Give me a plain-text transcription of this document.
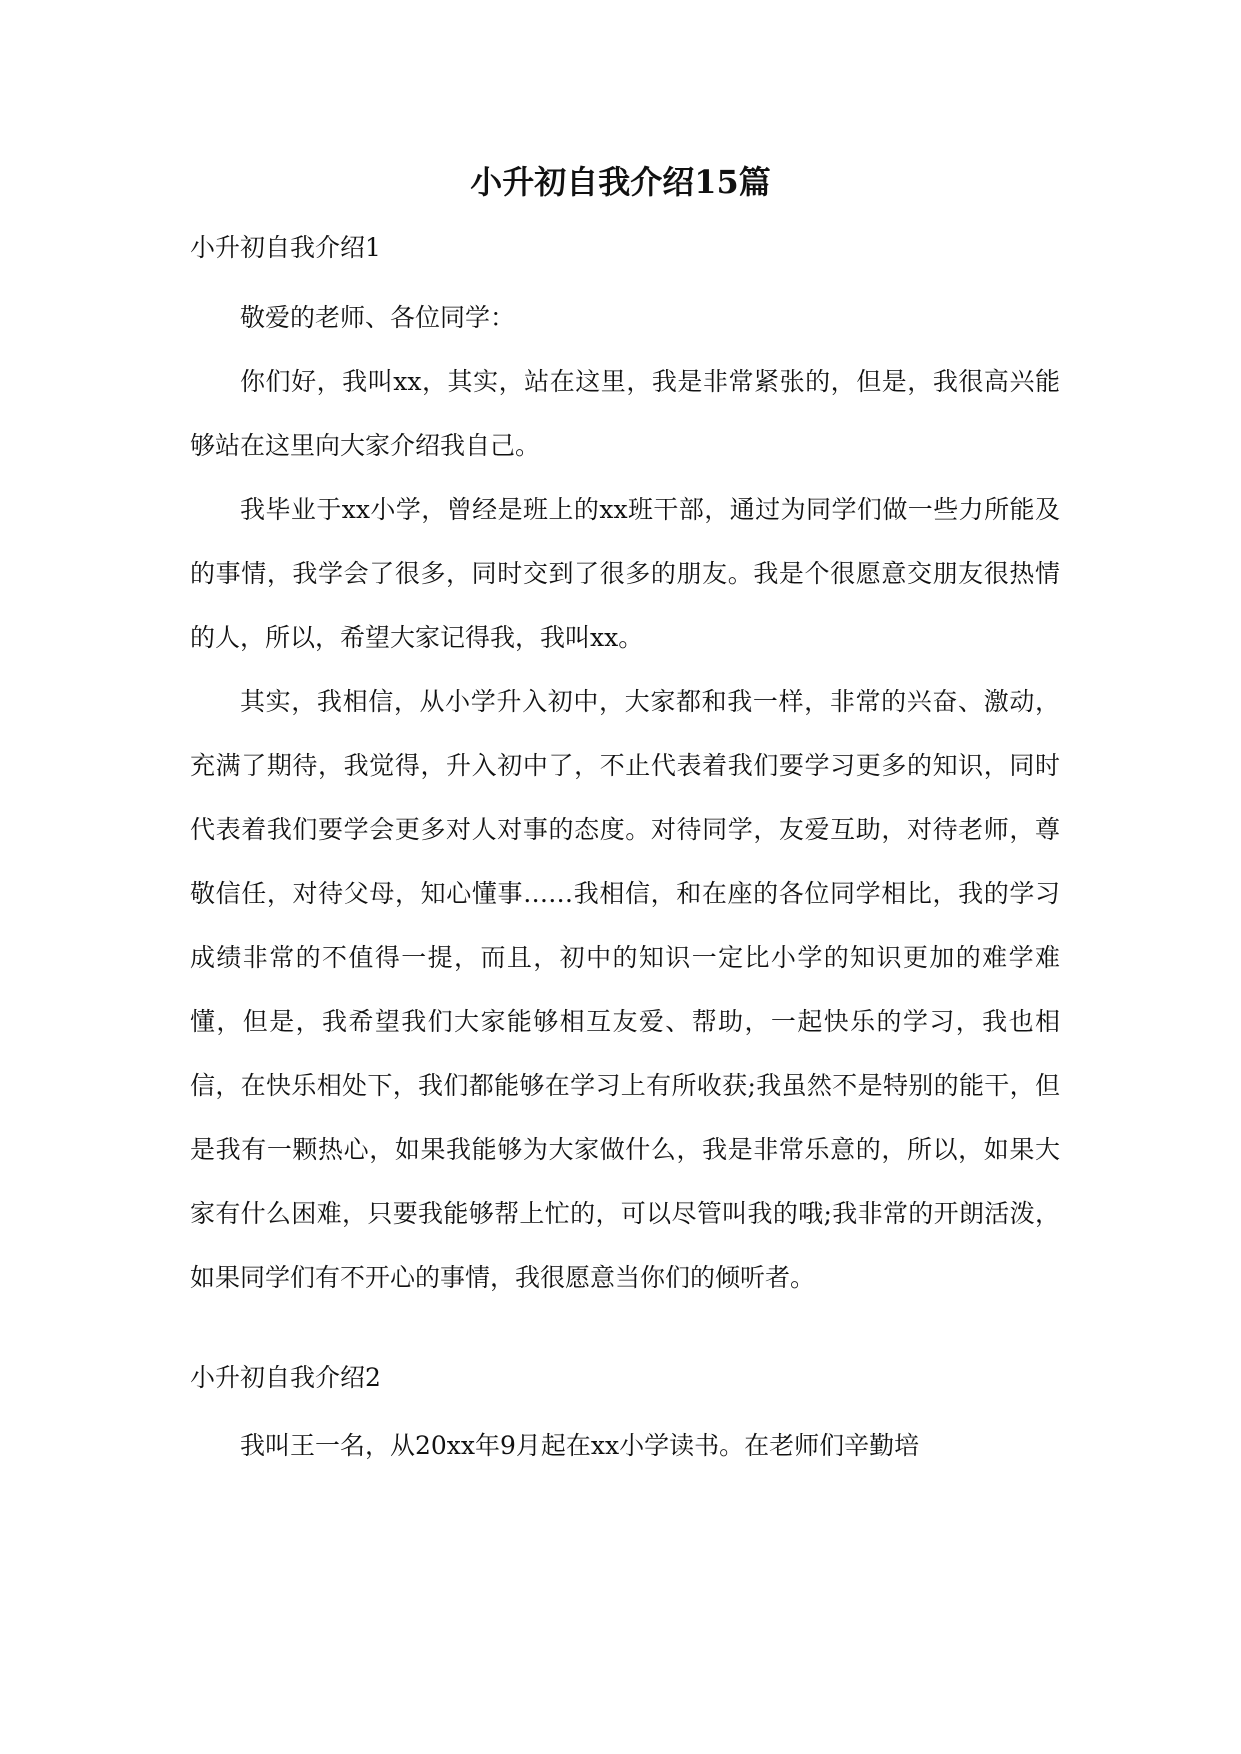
小升初自我介绍15篇
小升初自我介绍1

敬爱的老师、各位同学：

你们好，我叫xx，其实，站在这里，我是非常紧张的，但是，我很高兴能够站在这里向大家介绍我自己。

我毕业于xx小学，曾经是班上的xx班干部，通过为同学们做一些力所能及的事情，我学会了很多，同时交到了很多的朋友。我是个很愿意交朋友很热情的人，所以，希望大家记得我，我叫xx。

其实，我相信，从小学升入初中，大家都和我一样，非常的兴奋、激动，充满了期待，我觉得，升入初中了，不止代表着我们要学习更多的知识，同时代表着我们要学会更多对人对事的态度。对待同学，友爱互助，对待老师，尊敬信任，对待父母，知心懂事……我相信，和在座的各位同学相比，我的学习成绩非常的不值得一提，而且，初中的知识一定比小学的知识更加的难学难懂，但是，我希望我们大家能够相互友爱、帮助，一起快乐的学习，我也相信，在快乐相处下，我们都能够在学习上有所收获;我虽然不是特别的能干，但是我有一颗热心，如果我能够为大家做什么，我是非常乐意的，所以，如果大家有什么困难，只要我能够帮上忙的，可以尽管叫我的哦;我非常的开朗活泼，如果同学们有不开心的事情，我很愿意当你们的倾听者。

小升初自我介绍2

我叫王一名，从20xx年9月起在xx小学读书。在老师们辛勤培
